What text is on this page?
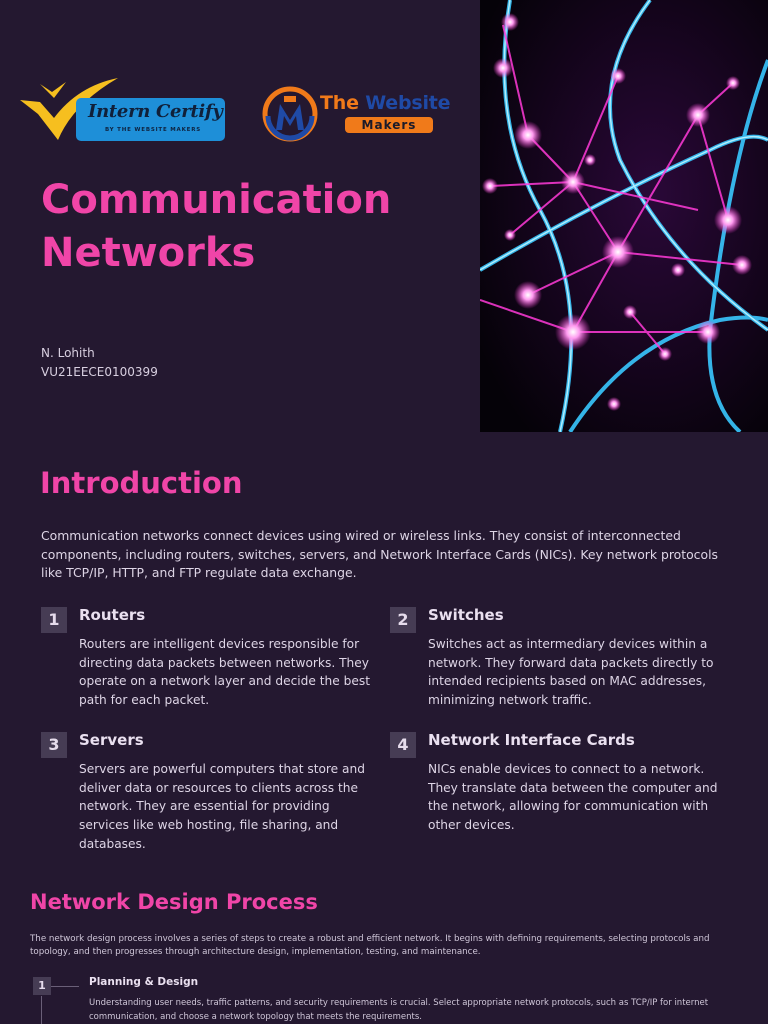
Intern Certify
BY THE WEBSITE MAKERS
The Website
Makers
Communication Networks
N. Lohith
VU21EECE0100399
Introduction

Communication networks connect devices using wired or wireless links. They consist of interconnected components, including routers, switches, servers, and Network Interface Cards (NICs). Key network protocols like TCP/IP, HTTP, and FTP regulate data exchange.

1	Routers

Routers are intelligent devices responsible for directing data packets between networks. They operate on a network layer and decide the best path for each packet.

2	Switches

Switches act as intermediary devices within a network. They forward data packets directly to intended recipients based on MAC addresses, minimizing network traffic.

3	Servers

Servers are powerful computers that store and deliver data or resources to clients across the network. They are essential for providing services like web hosting, file sharing, and databases.

4	Network Interface Cards

NICs enable devices to connect to a network. They translate data between the computer and the network, allowing for communication with other devices.

Network Design Process

The network design process involves a series of steps to create a robust and efficient network. It begins with defining requirements, selecting protocols and topology, and then progresses through architecture design, implementation, testing, and maintenance.

1	Planning & Design

Understanding user needs, traffic patterns, and security requirements is crucial. Select appropriate network protocols, such as TCP/IP for internet communication, and choose a network topology that meets the requirements.
